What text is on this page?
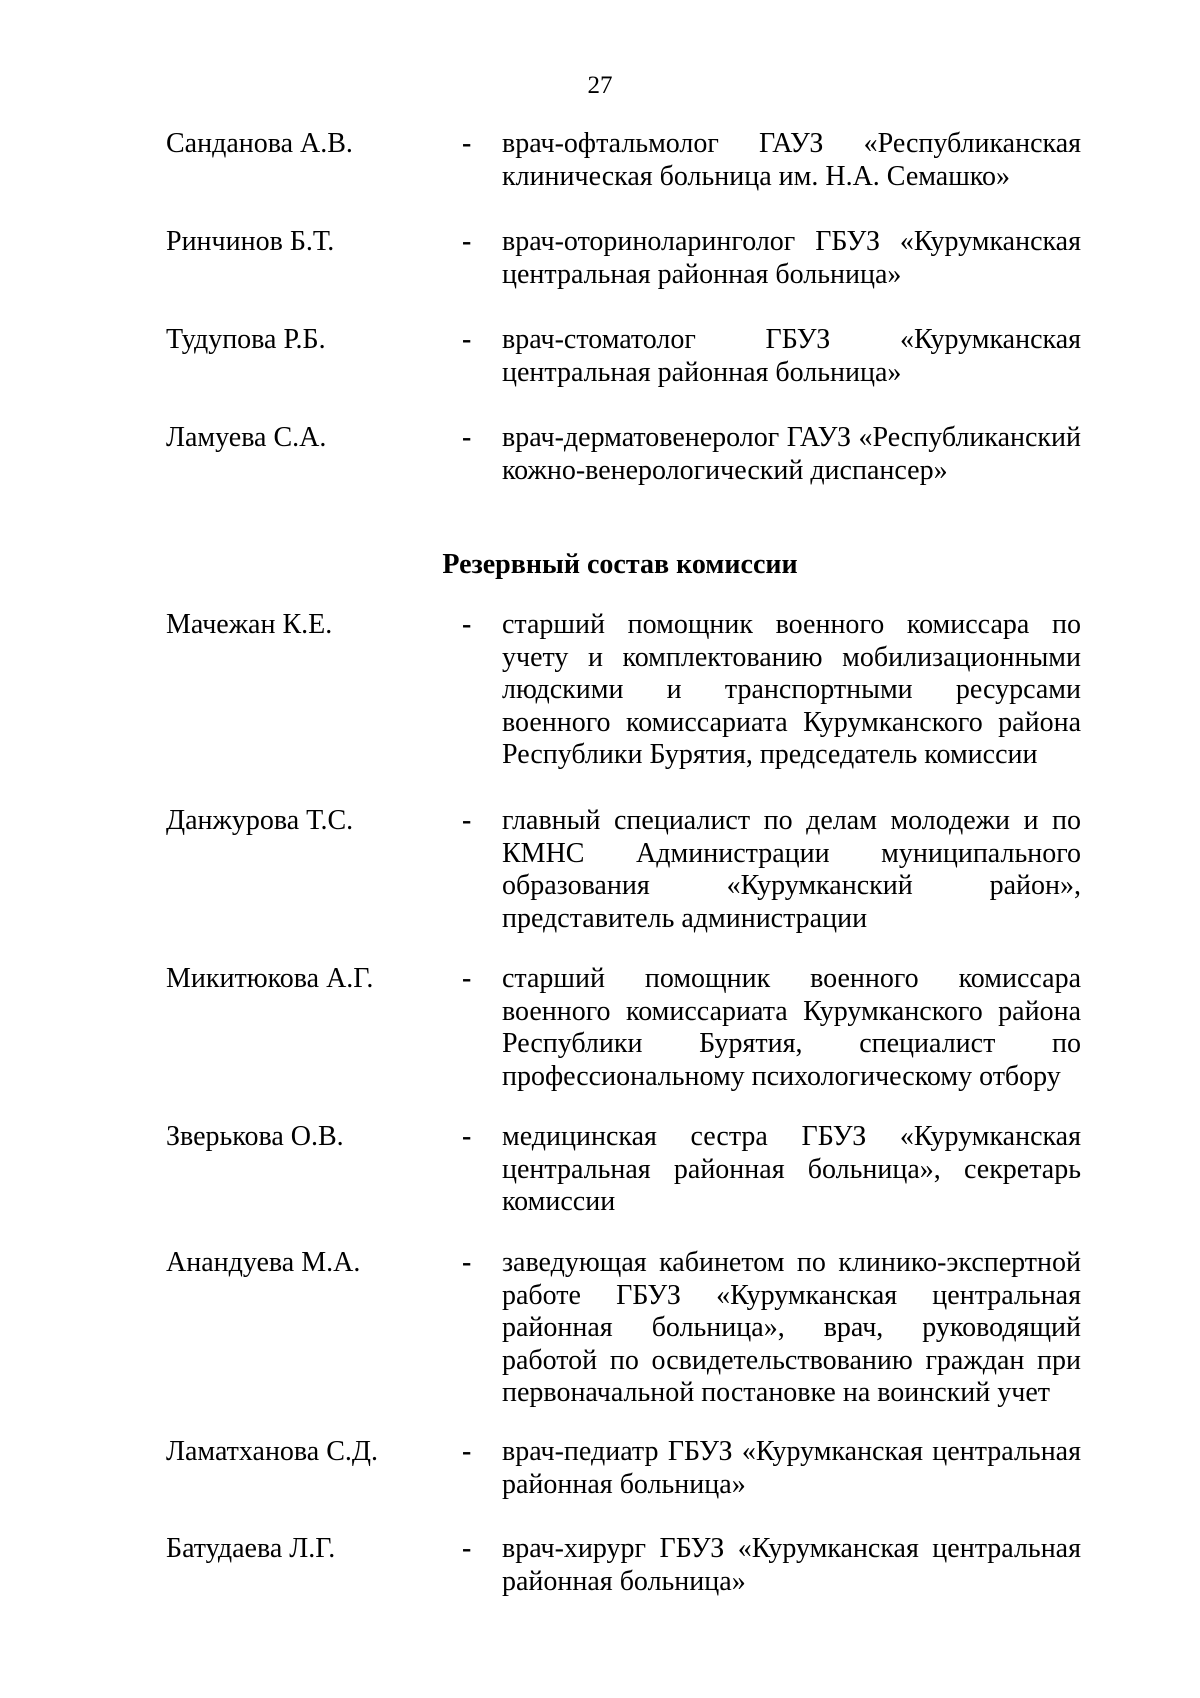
27
Санданова А.В.	- врач-офтальмолог ГАУЗ «Республиканская клиническая больница им. Н.А. Семашко»
Ринчинов Б.Т.	- врач-оториноларинголог ГБУЗ «Курумканская центральная районная больница»
Тудупова Р.Б.	- врач-стоматолог ГБУЗ «Курумканская центральная районная больница»
Ламуева С.А.	- врач-дерматовенеролог ГАУЗ «Республиканский кожно-венерологический диспансер»
Резервный состав комиссии
Мачежан К.Е.	- старший помощник военного комиссара по учету и комплектованию мобилизационными людскими и транспортными ресурсами военного комиссариата Курумканского района Республики Бурятия, председатель комиссии
Данжурова Т.С.	- главный специалист по делам молодежи и по КМНС Администрации муниципального образования «Курумканский район», представитель администрации
Микитюкова А.Г.	- старший помощник военного комиссара военного комиссариата Курумканского района Республики Бурятия, специалист по профессиональному психологическому отбору
Зверькова О.В.	- медицинская сестра ГБУЗ «Курумканская центральная районная больница», секретарь комиссии
Анандуева М.А.	- заведующая кабинетом по клинико-экспертной работе ГБУЗ «Курумканская центральная районная больница», врач, руководящий работой по освидетельствованию граждан при первоначальной постановке на воинский учет
Ламатханова С.Д.	- врач-педиатр ГБУЗ «Курумканская центральная районная больница»
Батудаева Л.Г.	- врач-хирург ГБУЗ «Курумканская центральная районная больница»
